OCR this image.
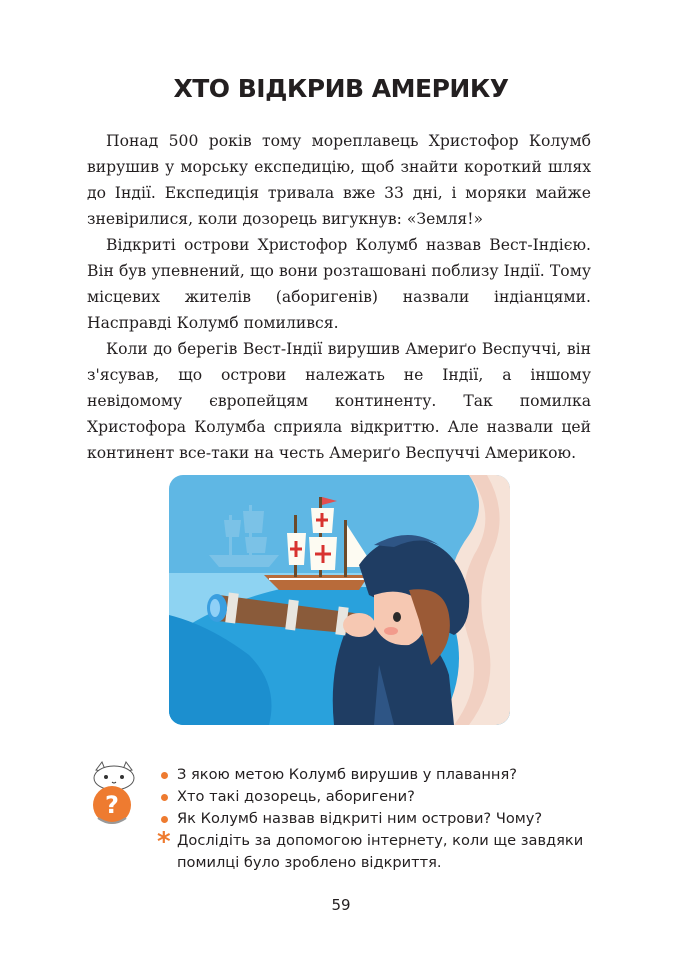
ХТО ВІДКРИВ АМЕРИКУ

Понад 500 років тому мореплавець Христофор Колумб вирушив у морську експедицію, щоб знайти короткий шлях до Індії. Експедиція тривала вже 33 дні, і моряки майже зневірилися, коли дозорець вигукнув: «Земля!»

Відкриті острови Христофор Колумб назвав Вест-Індією. Він був упевнений, що вони розташовані поблизу Індії. Тому місцевих жителів (аборигенів) назвали індіанцями. Насправді Колумб помилився.

Коли до берегів Вест-Індії вирушив Америґо Веспуччі, він з'ясував, що острови належать не Індії, а іншому невідомому європейцям континенту. Так помилка Христофора Колумба сприяла відкриттю. Але назвали цей континент все-таки на честь Америґо Веспуччі Америкою.

?
З якою метою Колумб вирушив у плавання?
Хто такі дозорець, аборигени?
Як Колумб назвав відкриті ним острови? Чому?
* Дослідіть за допомогою інтернету, коли ще завдяки помилці було зроблено відкриття.
59
